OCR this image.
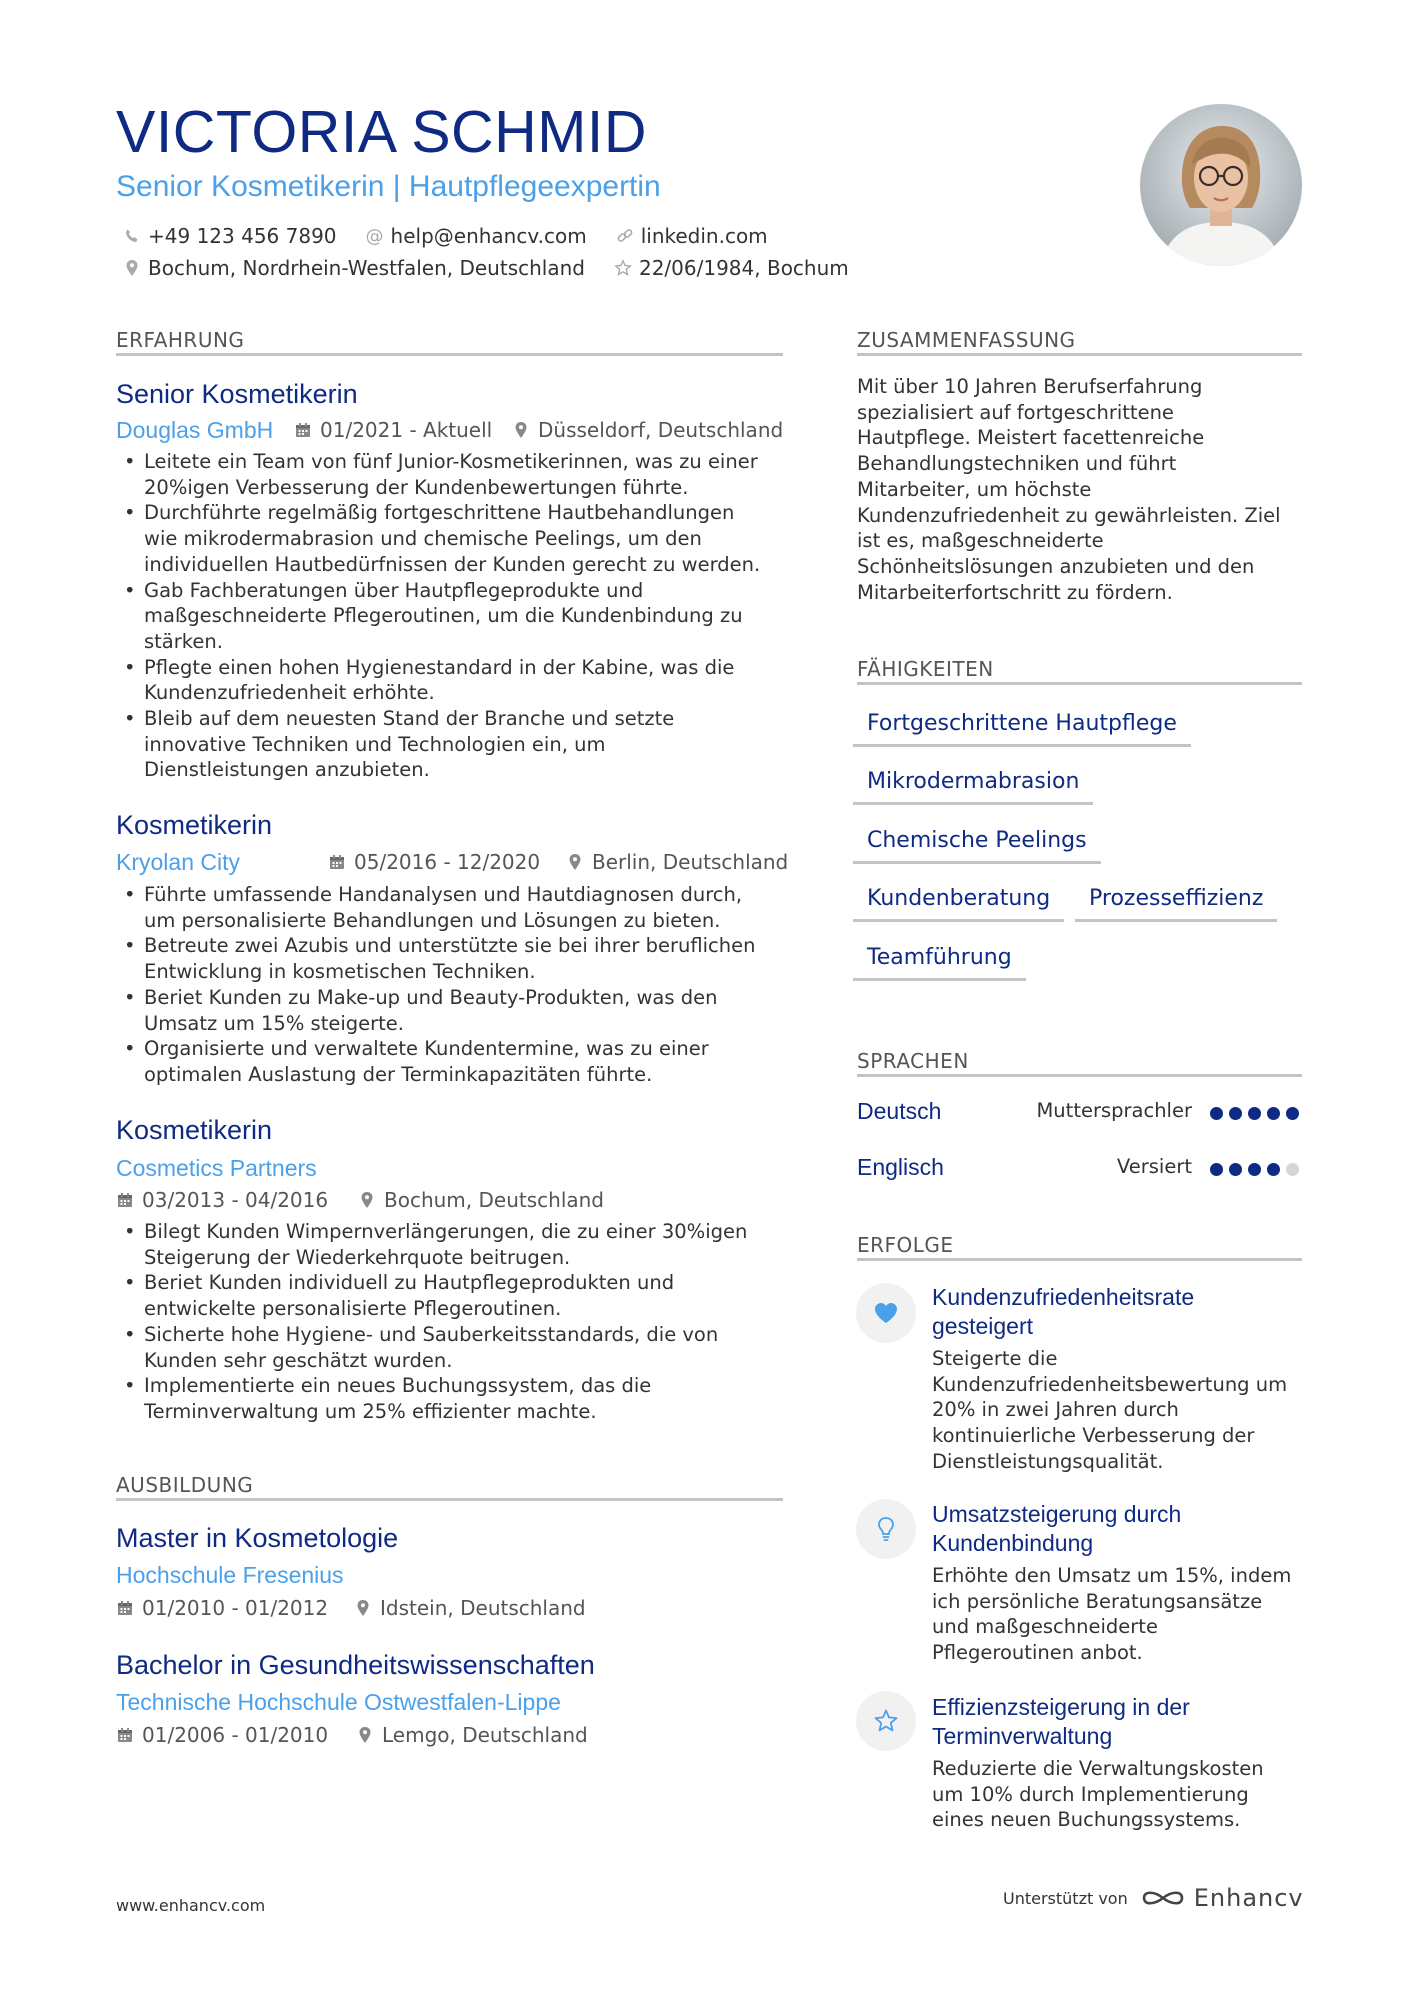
VICTORIA SCHMID
Senior Kosmetikerin | Hautpflegeexpertin
+49 123 456 7890 @ help@enhancv.com	linkedin.com
Bochum, Nordrhein-Westfalen, Deutschland	22/06/1984, Bochum
ERFAHRUNG
Senior Kosmetikerin
Douglas GmbH 01/2021 - Aktuell Düsseldorf, Deutschland
• Leitete ein Team von fünf Junior-Kosmetikerinnen, was zu einer
20%igen Verbesserung der Kundenbewertungen führte.
• Durchführte regelmäßig fortgeschrittene Hautbehandlungen
wie mikrodermabrasion und chemische Peelings, um den
individuellen Hautbedürfnissen der Kunden gerecht zu werden.
• Gab Fachberatungen über Hautpflegeprodukte und
maßgeschneiderte Pflegeroutinen, um die Kundenbindung zu
stärken.
• Pflegte einen hohen Hygienestandard in der Kabine, was die
Kundenzufriedenheit erhöhte.
• Bleib auf dem neuesten Stand der Branche und setzte
innovative Techniken und Technologien ein, um
Dienstleistungen anzubieten.
Kosmetikerin
Kryolan City	05/2016 - 12/2020	Berlin, Deutschland
• Führte umfassende Handanalysen und Hautdiagnosen durch,
um personalisierte Behandlungen und Lösungen zu bieten.
• Betreute zwei Azubis und unterstützte sie bei ihrer beruflichen
Entwicklung in kosmetischen Techniken.
• Beriet Kunden zu Make-up und Beauty-Produkten, was den
Umsatz um 15% steigerte.
• Organisierte und verwaltete Kundentermine, was zu einer
optimalen Auslastung der Terminkapazitäten führte.
Kosmetikerin
Cosmetics Partners
03/2013 - 04/2016	Bochum, Deutschland
• Bilegt Kunden Wimpernverlängerungen, die zu einer 30%igen
Steigerung der Wiederkehrquote beitrugen.
• Beriet Kunden individuell zu Hautpflegeprodukten und
entwickelte personalisierte Pflegeroutinen.
• Sicherte hohe Hygiene- und Sauberkeitsstandards, die von
Kunden sehr geschätzt wurden.
• Implementierte ein neues Buchungssystem, das die
Terminverwaltung um 25% effizienter machte.
AUSBILDUNG
Master in Kosmetologie
Hochschule Fresenius
01/2010 - 01/2012	Idstein, Deutschland
Bachelor in Gesundheitswissenschaften
Technische Hochschule Ostwestfalen-Lippe
01/2006 - 01/2010	Lemgo, Deutschland
ZUSAMMENFASSUNG
Mit über 10 Jahren Berufserfahrung
spezialisiert auf fortgeschrittene
Hautpflege. Meistert facettenreiche
Behandlungstechniken und führt
Mitarbeiter, um höchste
Kundenzufriedenheit zu gewährleisten. Ziel
ist es, maßgeschneiderte
Schönheitslösungen anzubieten und den
Mitarbeiterfortschritt zu fördern.
FÄHIGKEITEN
Fortgeschrittene Hautpflege
Mikrodermabrasion
Chemische Peelings
Kundenberatung	Prozesseffizienz
Teamführung
SPRACHEN
Deutsch	Muttersprachler
Englisch	Versiert
ERFOLGE
Kundenzufriedenheitsrate
gesteigert
Steigerte die
Kundenzufriedenheitsbewertung um
20% in zwei Jahren durch
kontinuierliche Verbesserung der
Dienstleistungsqualität.
Umsatzsteigerung durch
Kundenbindung
Erhöhte den Umsatz um 15%, indem
ich persönliche Beratungsansätze
und maßgeschneiderte
Pflegeroutinen anbot.
Effizienzsteigerung in der
Terminverwaltung
Reduzierte die Verwaltungskosten
um 10% durch Implementierung
eines neuen Buchungssystems.
www.enhancv.com	Unterstützt von	Enhancv
